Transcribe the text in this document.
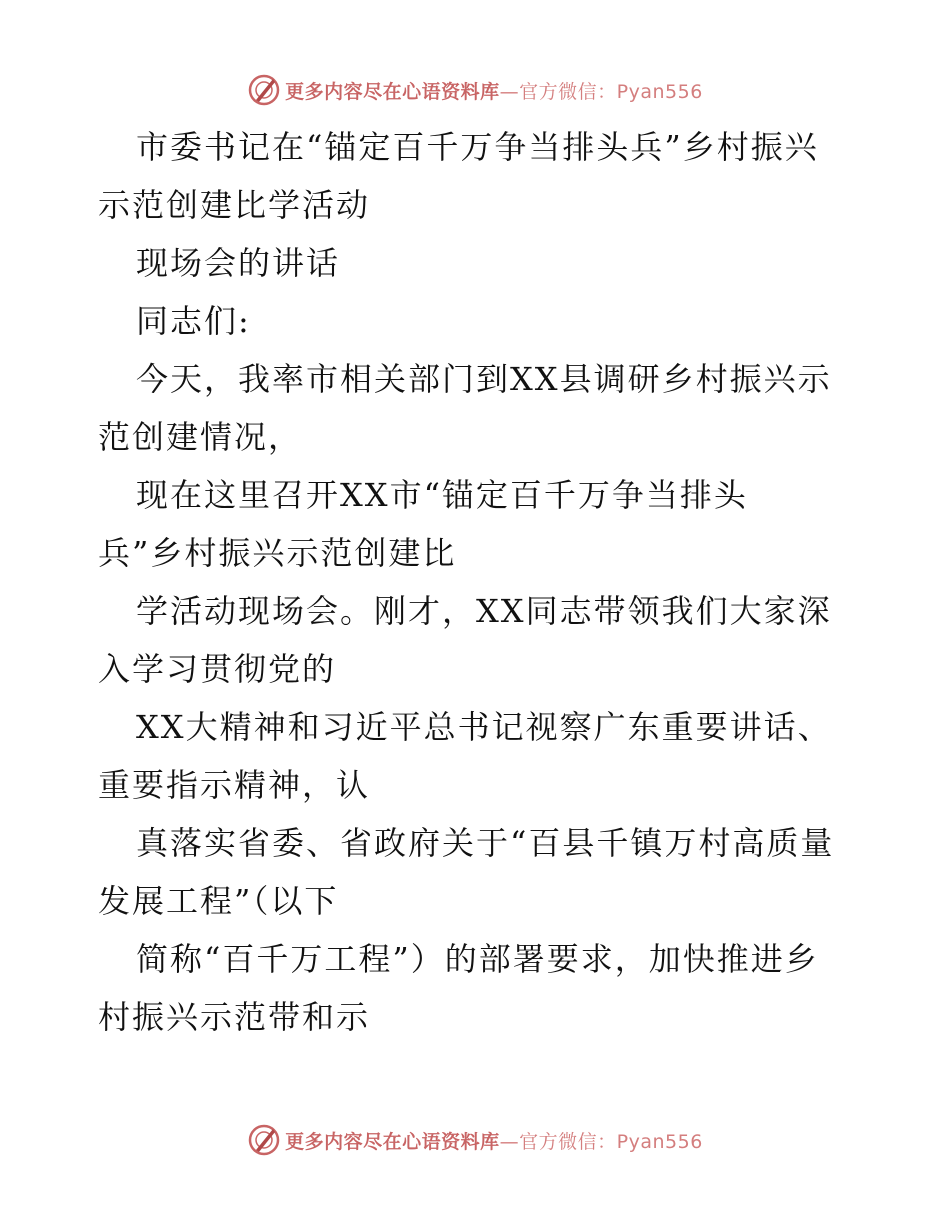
更多内容尽在心语资料库—官方微信：Pyan556

市委书记在“锚定百千万争当排头兵”乡村振兴

示范创建比学活动

现场会的讲话

同志们:

今天，我率市相关部门到XX县调研乡村振兴示

范创建情况，

现在这里召开XX市“锚定百千万争当排头

兵”乡村振兴示范创建比

学活动现场会。刚才，XX同志带领我们大家深

入学习贯彻党的

XX大精神和习近平总书记视察广东重要讲话、

重要指示精神，认

真落实省委、省政府关于“百县千镇万村高质量

发展工程”（以下

简称“百千万工程”）的部署要求，加快推进乡

村振兴示范带和示

更多内容尽在心语资料库—官方微信：Pyan556
